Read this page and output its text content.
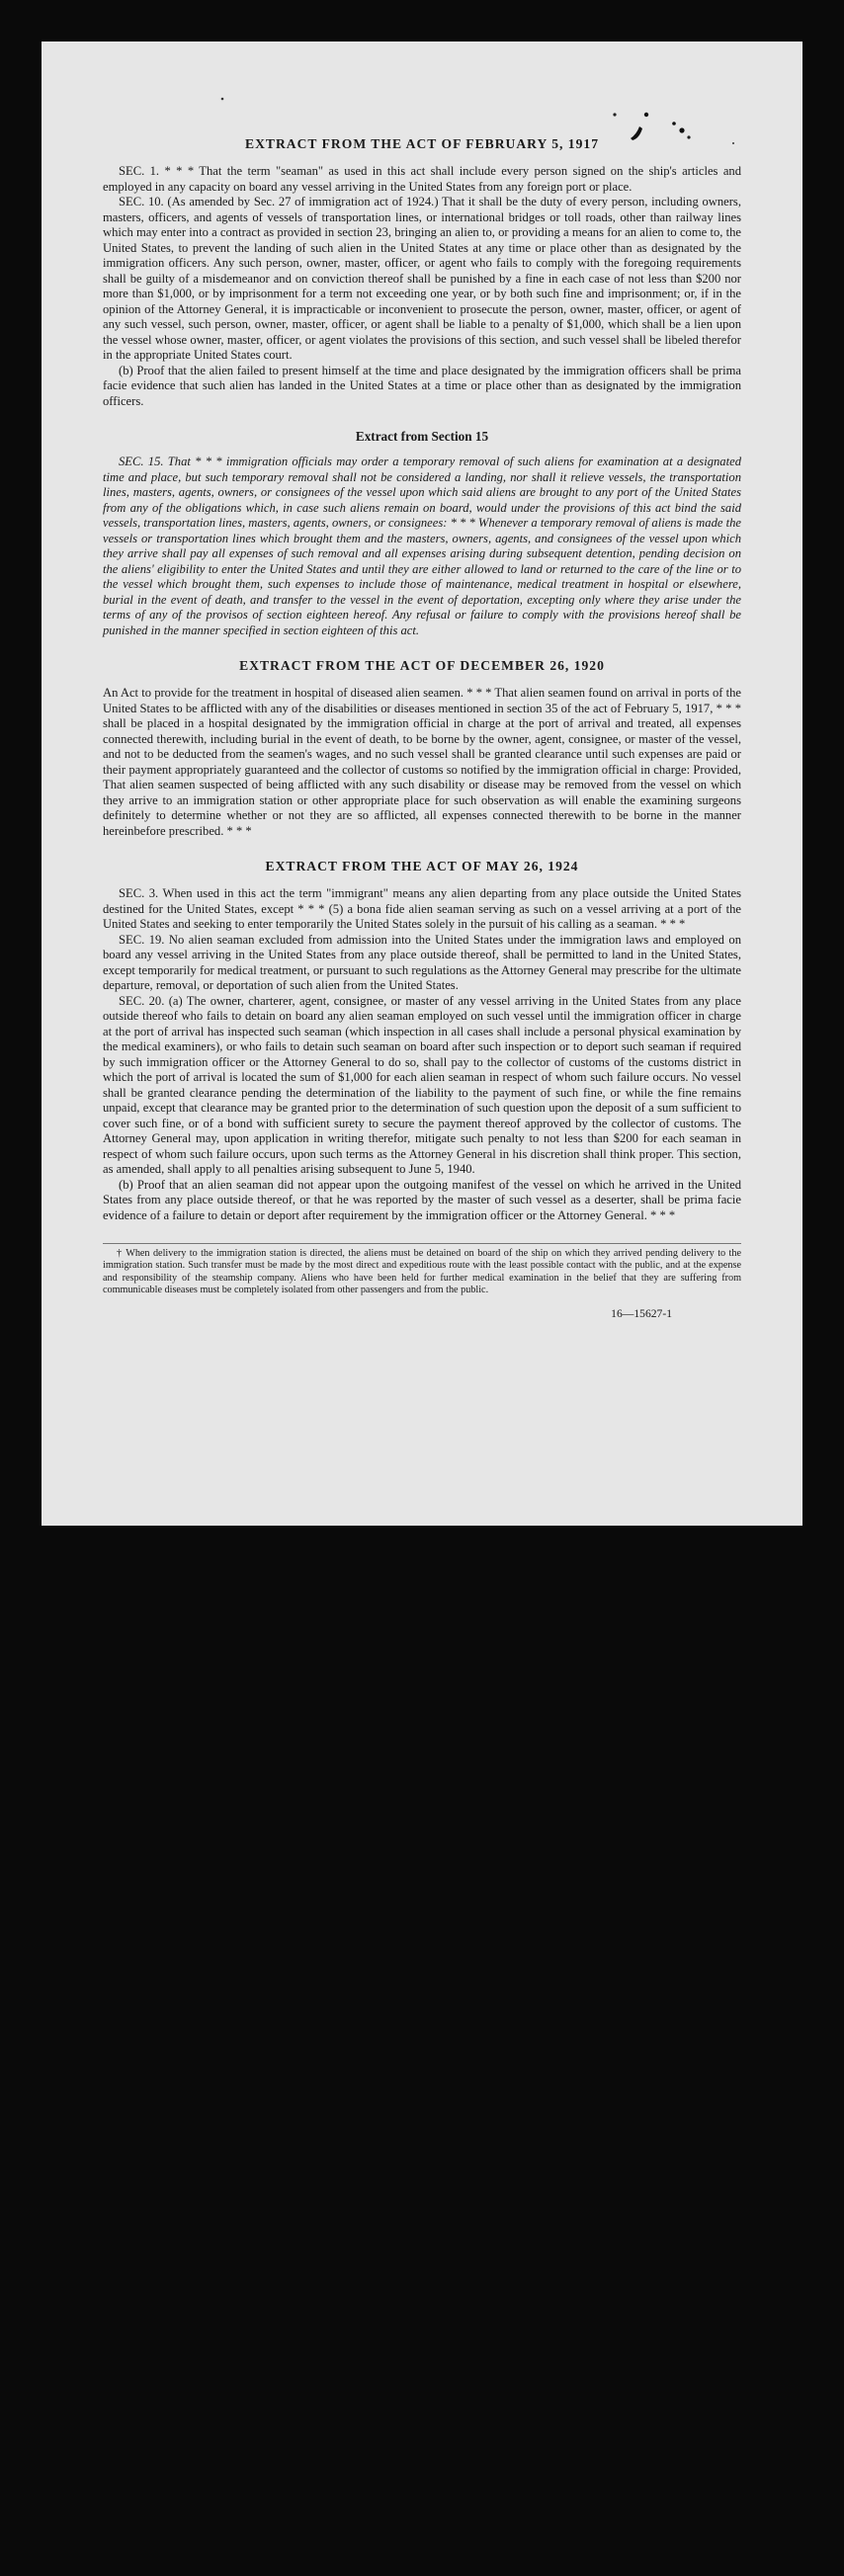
EXTRACT FROM THE ACT OF FEBRUARY 5, 1917

SEC. 1. * * * That the term "seaman" as used in this act shall include every person signed on the ship's articles and employed in any capacity on board any vessel arriving in the United States from any foreign port or place.

SEC. 10. (As amended by Sec. 27 of immigration act of 1924.) That it shall be the duty of every person, including owners, masters, officers, and agents of vessels of transportation lines, or international bridges or toll roads, other than railway lines which may enter into a contract as provided in section 23, bringing an alien to, or providing a means for an alien to come to, the United States, to prevent the landing of such alien in the United States at any time or place other than as designated by the immigration officers. Any such person, owner, master, officer, or agent who fails to comply with the foregoing requirements shall be guilty of a misdemeanor and on conviction thereof shall be punished by a fine in each case of not less than $200 nor more than $1,000, or by imprisonment for a term not exceeding one year, or by both such fine and imprisonment; or, if in the opinion of the Attorney General, it is impracticable or inconvenient to prosecute the person, owner, master, officer, or agent of any such vessel, such person, owner, master, officer, or agent shall be liable to a penalty of $1,000, which shall be a lien upon the vessel whose owner, master, officer, or agent violates the provisions of this section, and such vessel shall be libeled therefor in the appropriate United States court.

(b) Proof that the alien failed to present himself at the time and place designated by the immigration officers shall be prima facie evidence that such alien has landed in the United States at a time or place other than as designated by the immigration officers.

Extract from Section 15

SEC. 15. That * * * immigration officials may order a temporary removal of such aliens for examination at a designated time and place, but such temporary removal shall not be considered a landing, nor shall it relieve vessels, the transportation lines, masters, agents, owners, or consignees of the vessel upon which said aliens are brought to any port of the United States from any of the obligations which, in case such aliens remain on board, would under the provisions of this act bind the said vessels, transportation lines, masters, agents, owners, or consignees: * * * Whenever a temporary removal of aliens is made the vessels or transportation lines which brought them and the masters, owners, agents, and consignees of the vessel upon which they arrive shall pay all expenses of such removal and all expenses arising during subsequent detention, pending decision on the aliens' eligibility to enter the United States and until they are either allowed to land or returned to the care of the line or to the vessel which brought them, such expenses to include those of maintenance, medical treatment in hospital or elsewhere, burial in the event of death, and transfer to the vessel in the event of deportation, excepting only where they arise under the terms of any of the provisos of section eighteen hereof. Any refusal or failure to comply with the provisions hereof shall be punished in the manner specified in section eighteen of this act.

EXTRACT FROM THE ACT OF DECEMBER 26, 1920

An Act to provide for the treatment in hospital of diseased alien seamen. * * * That alien seamen found on arrival in ports of the United States to be afflicted with any of the disabilities or diseases mentioned in section 35 of the act of February 5, 1917, * * * shall be placed in a hospital designated by the immigration official in charge at the port of arrival and treated, all expenses connected therewith, including burial in the event of death, to be borne by the owner, agent, consignee, or master of the vessel, and not to be deducted from the seamen's wages, and no such vessel shall be granted clearance until such expenses are paid or their payment appropriately guaranteed and the collector of customs so notified by the immigration official in charge: Provided, That alien seamen suspected of being afflicted with any such disability or disease may be removed from the vessel on which they arrive to an immigration station or other appropriate place for such observation as will enable the examining surgeons definitely to determine whether or not they are so afflicted, all expenses connected therewith to be borne in the manner hereinbefore prescribed. * * *

EXTRACT FROM THE ACT OF MAY 26, 1924

SEC. 3. When used in this act the term "immigrant" means any alien departing from any place outside the United States destined for the United States, except * * * (5) a bona fide alien seaman serving as such on a vessel arriving at a port of the United States and seeking to enter temporarily the United States solely in the pursuit of his calling as a seaman. * * *

SEC. 19. No alien seaman excluded from admission into the United States under the immigration laws and employed on board any vessel arriving in the United States from any place outside thereof, shall be permitted to land in the United States, except temporarily for medical treatment, or pursuant to such regulations as the Attorney General may prescribe for the ultimate departure, removal, or deportation of such alien from the United States.

SEC. 20. (a) The owner, charterer, agent, consignee, or master of any vessel arriving in the United States from any place outside thereof who fails to detain on board any alien seaman employed on such vessel until the immigration officer in charge at the port of arrival has inspected such seaman (which inspection in all cases shall include a personal physical examination by the medical examiners), or who fails to detain such seaman on board after such inspection or to deport such seaman if required by such immigration officer or the Attorney General to do so, shall pay to the collector of customs of the customs district in which the port of arrival is located the sum of $1,000 for each alien seaman in respect of whom such failure occurs. No vessel shall be granted clearance pending the determination of the liability to the payment of such fine, or while the fine remains unpaid, except that clearance may be granted prior to the determination of such question upon the deposit of a sum sufficient to cover such fine, or of a bond with sufficient surety to secure the payment thereof approved by the collector of customs. The Attorney General may, upon application in writing therefor, mitigate such penalty to not less than $200 for each seaman in respect of whom such failure occurs, upon such terms as the Attorney General in his discretion shall think proper. This section, as amended, shall apply to all penalties arising subsequent to June 5, 1940.

(b) Proof that an alien seaman did not appear upon the outgoing manifest of the vessel on which he arrived in the United States from any place outside thereof, or that he was reported by the master of such vessel as a deserter, shall be prima facie evidence of a failure to detain or deport after requirement by the immigration officer or the Attorney General. * * *

† When delivery to the immigration station is directed, the aliens must be detained on board of the ship on which they arrived pending delivery to the immigration station. Such transfer must be made by the most direct and expeditious route with the least possible contact with the public, and at the expense and responsibility of the steamship company. Aliens who have been held for further medical examination in the belief that they are suffering from communicable diseases must be completely isolated from other passengers and from the public.

16—15627-1
